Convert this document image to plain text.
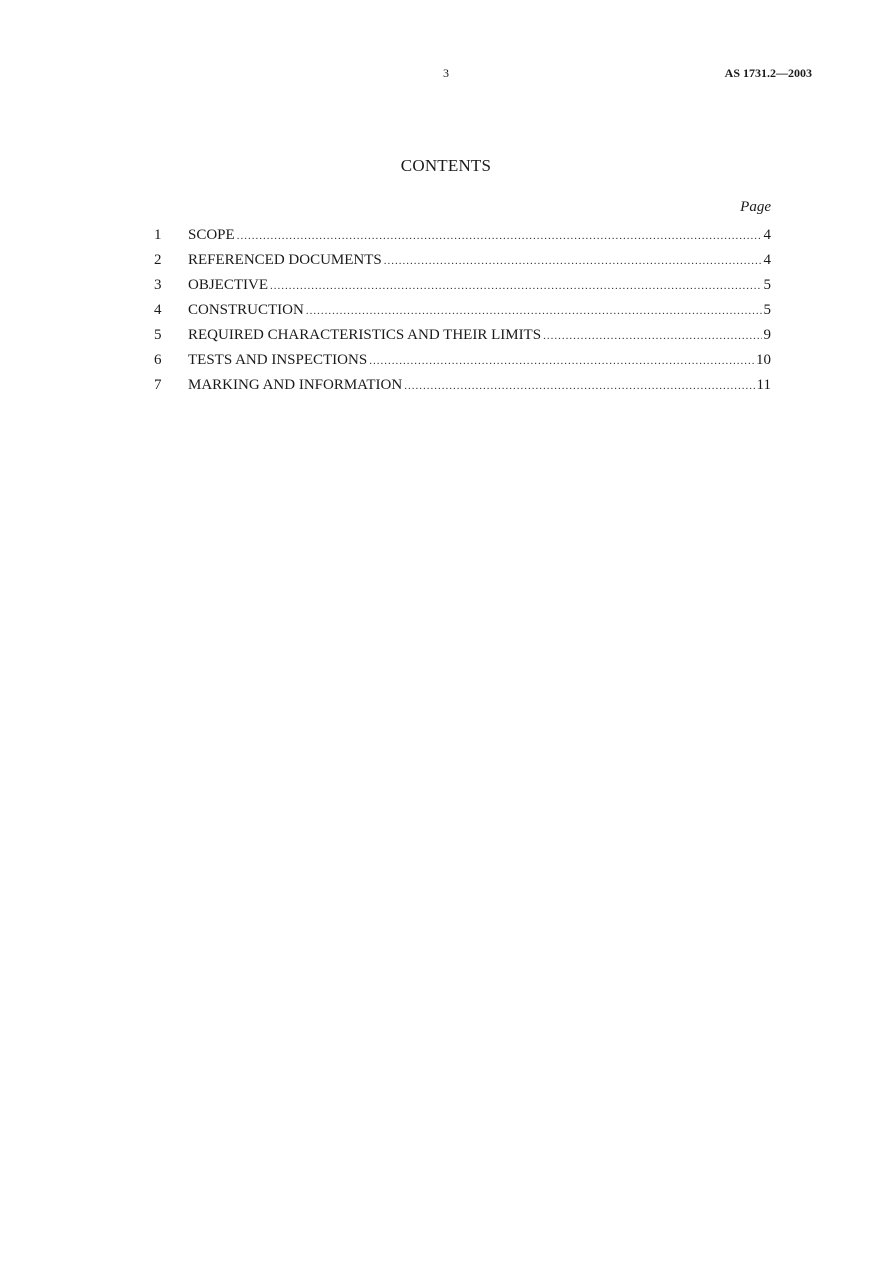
3	AS 1731.2—2003
CONTENTS
Page
1	SCOPE .....	4
2	REFERENCED DOCUMENTS .....	4
3	OBJECTIVE .....	5
4	CONSTRUCTION .....	5
5	REQUIRED CHARACTERISTICS AND THEIR LIMITS .....	9
6	TESTS AND INSPECTIONS .....	10
7	MARKING AND INFORMATION .....	11
